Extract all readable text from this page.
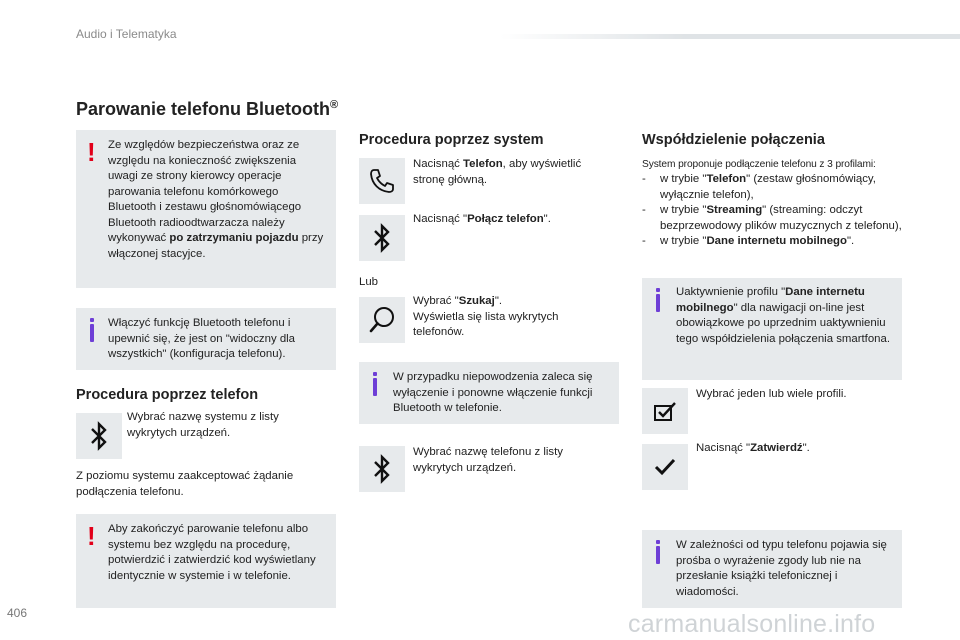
Audio i Telematyka
Parowanie telefonu Bluetooth®
! Ze względów bezpieczeństwa oraz ze względu na konieczność zwiększenia uwagi ze strony kierowcy operacje parowania telefonu komórkowego Bluetooth i zestawu głośnomówiącego Bluetooth radioodtwarzacza należy wykonywać po zatrzymaniu pojazdu przy włączonej stacyjce.
Włączyć funkcję Bluetooth telefonu i upewnić się, że jest on "widoczny dla wszystkich" (konfiguracja telefonu).
Procedura poprzez telefon
Wybrać nazwę systemu z listy wykrytych urządzeń.
Z poziomu systemu zaakceptować żądanie podłączenia telefonu.
! Aby zakończyć parowanie telefonu albo systemu bez względu na procedurę, potwierdzić i zatwierdzić kod wyświetlany identycznie w systemie i w telefonie.
Procedura poprzez system
Nacisnąć Telefon, aby wyświetlić stronę główną.
Nacisnąć "Połącz telefon".
Lub
Wybrać "Szukaj".
Wyświetla się lista wykrytych telefonów.
W przypadku niepowodzenia zaleca się wyłączenie i ponowne włączenie funkcji Bluetooth w telefonie.
Wybrać nazwę telefonu z listy wykrytych urządzeń.
Współdzielenie połączenia
System proponuje podłączenie telefonu z 3 profilami:
- w trybie "Telefon" (zestaw głośnomówiący, wyłącznie telefon),
- w trybie "Streaming" (streaming: odczyt bezprzewodowy plików muzycznych z telefonu),
- w trybie "Dane internetu mobilnego".
Uaktywnienie profilu "Dane internetu mobilnego" dla nawigacji on-line jest obowiązkowe po uprzednim uaktywnieniu tego współdzielenia połączenia smartfona.
Wybrać jeden lub wiele profili.
Nacisnąć "Zatwierdź".
W zależności od typu telefonu pojawia się prośba o wyrażenie zgody lub nie na przesłanie książki telefonicznej i wiadomości.
406	carmanualsonline.info
